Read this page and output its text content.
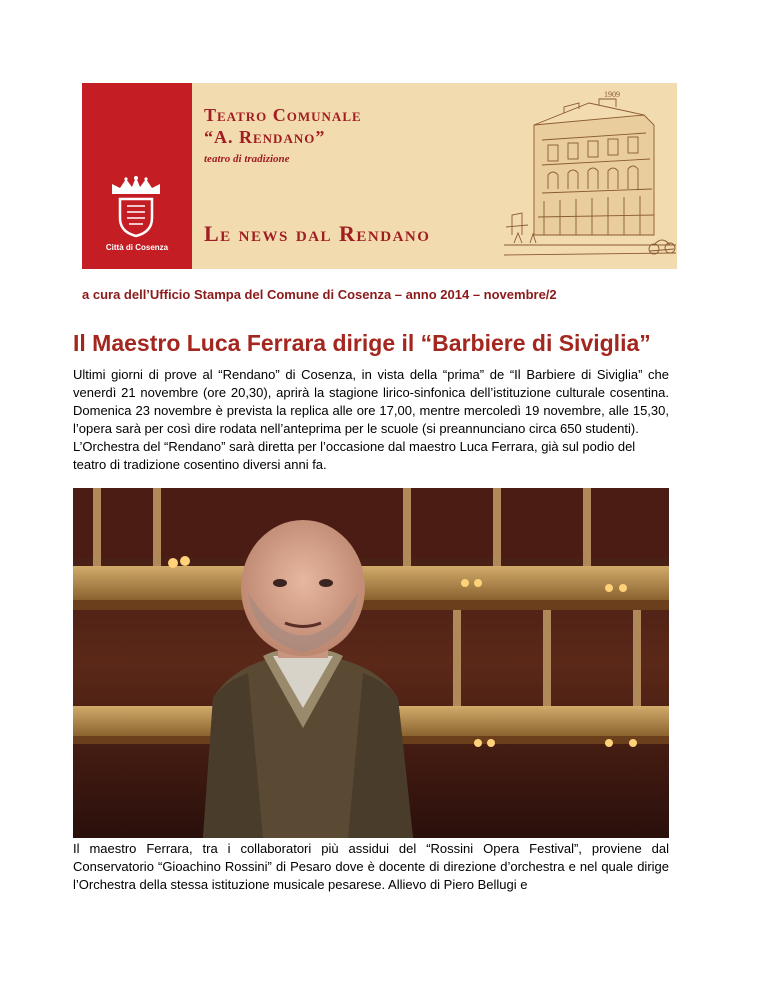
Città di Cosenza
Teatro Comunale
“A. Rendano”
teatro di tradizione
Le news dal Rendano
1909
a cura dell’Ufficio Stampa del Comune di Cosenza – anno 2014 – novembre/2
Il Maestro Luca Ferrara dirige il “Barbiere di Siviglia”

Ultimi giorni di prove al “Rendano” di Cosenza, in vista della “prima” de “Il Barbiere di Siviglia” che venerdì 21 novembre (ore 20,30), aprirà la stagione lirico-sinfonica dell’istituzione culturale cosentina. Domenica 23 novembre è prevista la replica alle ore 17,00, mentre mercoledì 19 novembre, alle 15,30, l’opera sarà per così dire rodata nell’anteprima per le scuole (si preannunciano circa 650 studenti).

L’Orchestra del “Rendano” sarà diretta per l’occasione dal maestro Luca Ferrara, già sul podio del teatro di tradizione cosentino diversi anni fa.

Il maestro Ferrara, tra i collaboratori più assidui del “Rossini Opera Festival”, proviene dal Conservatorio “Gioachino Rossini” di Pesaro dove è docente di direzione d’orchestra e nel quale dirige l’Orchestra della stessa istituzione musicale pesarese. Allievo di Piero Bellugi e
